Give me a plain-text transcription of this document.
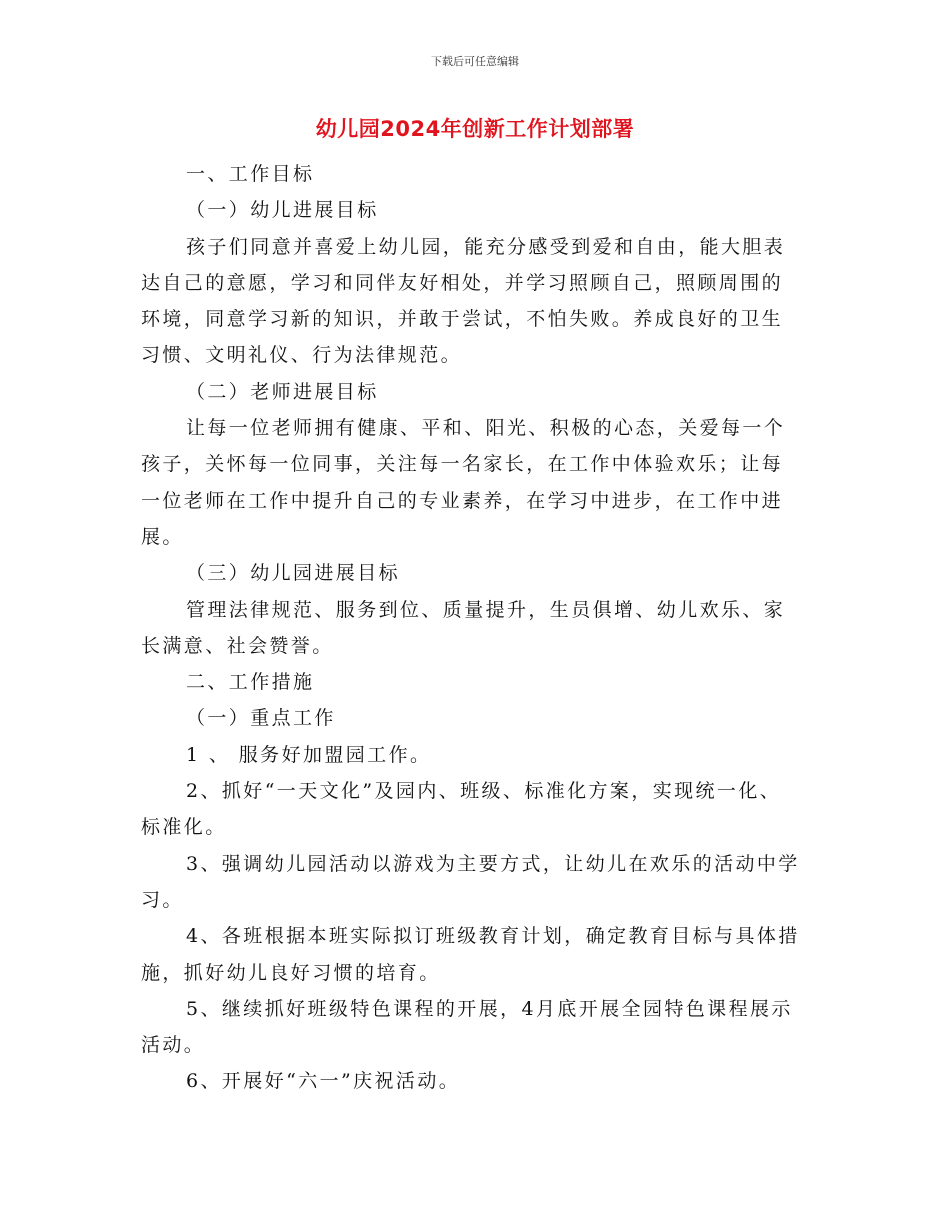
下载后可任意编辑
幼儿园2024年创新工作计划部署
一、工作目标
（一）幼儿进展目标
孩子们同意并喜爱上幼儿园，能充分感受到爱和自由，能大胆表
达自己的意愿，学习和同伴友好相处，并学习照顾自己，照顾周围的
环境，同意学习新的知识，并敢于尝试，不怕失败。养成良好的卫生
习惯、文明礼仪、行为法律规范。
（二）老师进展目标
让每一位老师拥有健康、平和、阳光、积极的心态，关爱每一个
孩子，关怀每一位同事，关注每一名家长，在工作中体验欢乐；让每
一位老师在工作中提升自己的专业素养，在学习中进步，在工作中进
展。
（三）幼儿园进展目标
管理法律规范、服务到位、质量提升，生员俱增、幼儿欢乐、家
长满意、社会赞誉。
二、工作措施
（一）重点工作
1 、 服务好加盟园工作。
2、抓好“一天文化”及园内、班级、标准化方案，实现统一化、
标准化。
3、强调幼儿园活动以游戏为主要方式，让幼儿在欢乐的活动中学
习。
4、各班根据本班实际拟订班级教育计划，确定教育目标与具体措
施，抓好幼儿良好习惯的培育。
5、继续抓好班级特色课程的开展，4月底开展全园特色课程展示
活动。
6、开展好“六一”庆祝活动。
